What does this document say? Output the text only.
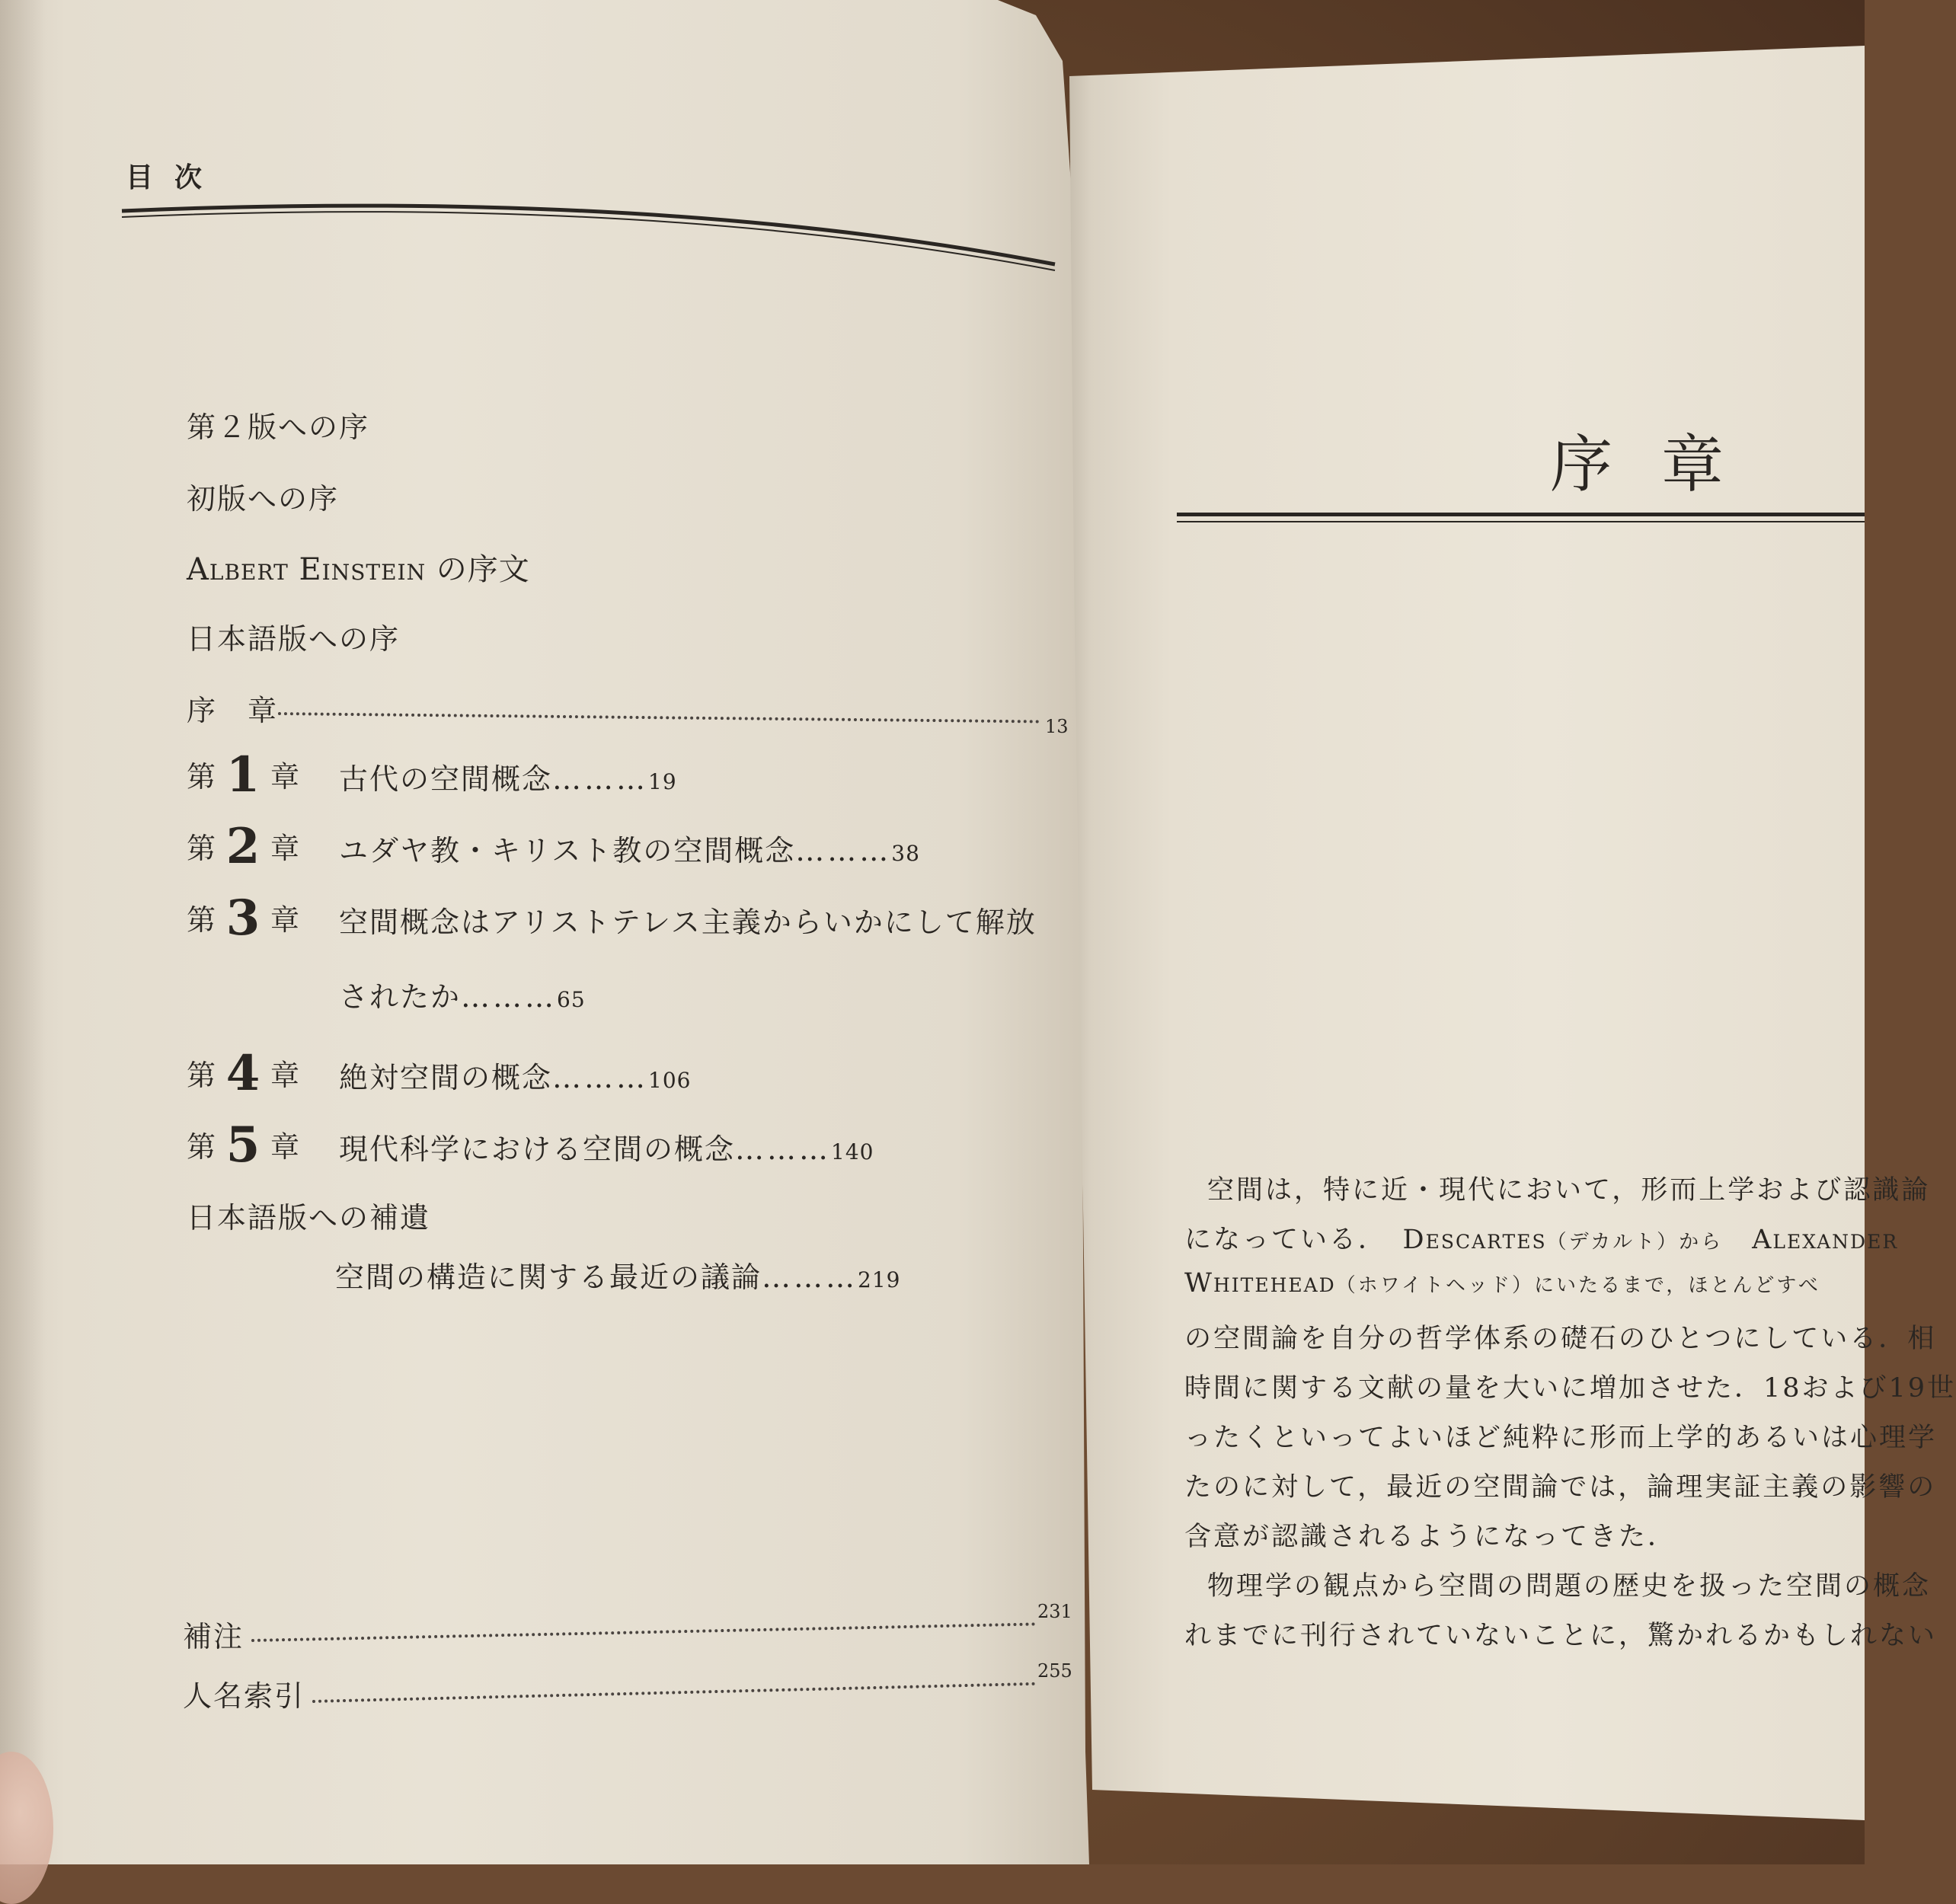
目次
第２版への序
初版への序
Albert Einstein の序文
日本語版への序
序　章	13
第 1 章 古代の空間概念………19
第 2 章 ユダヤ教・キリスト教の空間概念………38
第 3 章 空間概念はアリストテレス主義からいかにして解放
されたか………65
第 4 章 絶対空間の概念………106
第 5 章 現代科学における空間の概念………140
日本語版への補遺
空間の構造に関する最近の議論………219
補注
231
人名索引
255
序章
空間は，特に近・現代において，形而上学および認識論
になっている．　 Descartes（デカルト）から　 Alexander
Whitehead（ホワイトヘッド）にいたるまで，ほとんどすべ
の空間論を自分の哲学体系の礎石のひとつにしている．相
時間に関する文献の量を大いに増加させた．18および19世
ったくといってよいほど純粋に形而上学的あるいは心理学
たのに対して，最近の空間論では，論理実証主義の影響の
含意が認識されるようになってきた．
物理学の観点から空間の問題の歴史を扱った空間の概念
れまでに刊行されていないことに，驚かれるかもしれない
